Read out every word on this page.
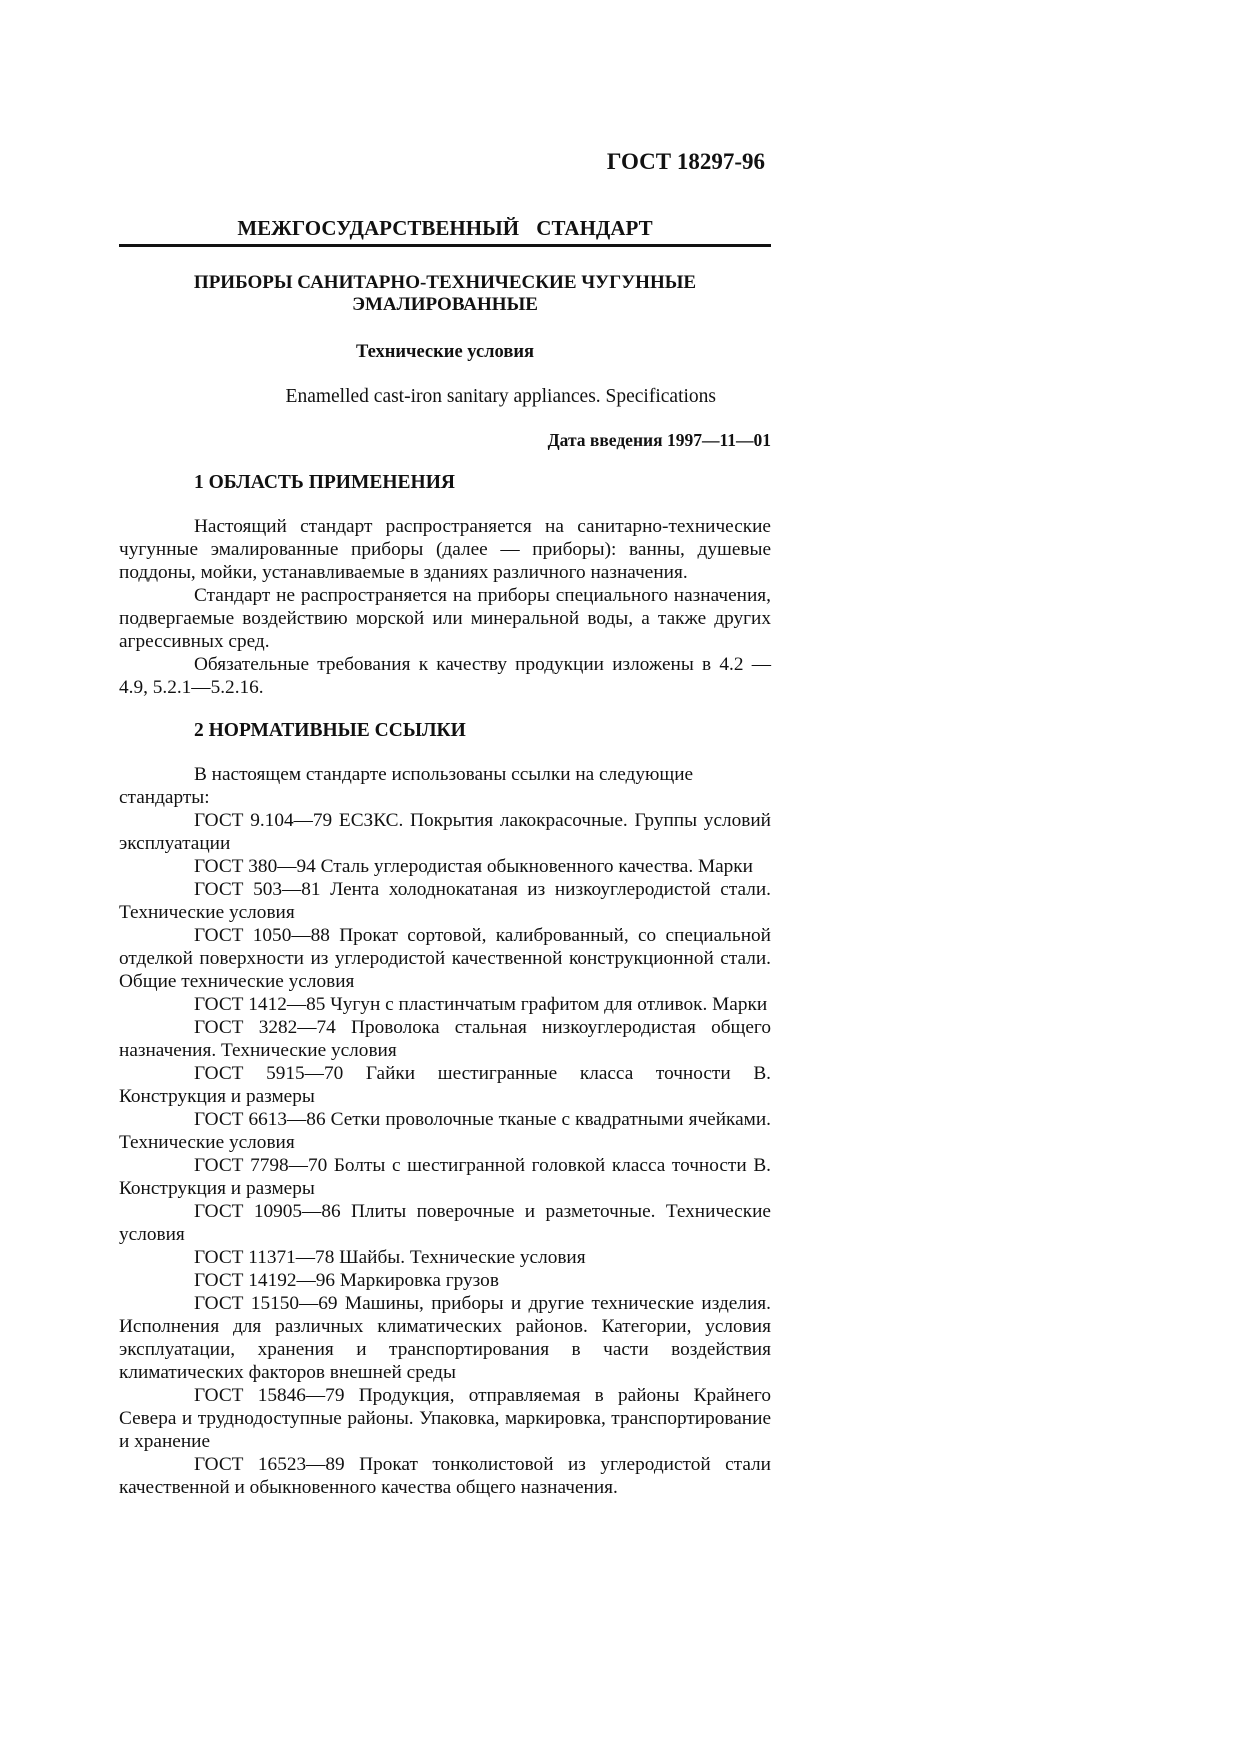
ГОСТ 18297-96
МЕЖГОСУДАРСТВЕННЫЙ СТАНДАРТ
ПРИБОРЫ САНИТАРНО-ТЕХНИЧЕСКИЕ ЧУГУННЫЕ ЭМАЛИРОВАННЫЕ
Технические условия
Enamelled cast-iron sanitary appliances. Specifications
Дата введения 1997—11—01
1 ОБЛАСТЬ ПРИМЕНЕНИЯ

Настоящий стандарт распространяется на санитарно-технические чугунные эмалированные приборы (далее — приборы): ванны, душевые поддоны, мойки, устанавливаемые в зданиях различного назначения.

Стандарт не распространяется на приборы специального назначения, подвергаемые воздействию морской или минеральной воды, а также других агрессивных сред.

Обязательные требования к качеству продукции изложены в 4.2 —4.9, 5.2.1—5.2.16.

2 НОРМАТИВНЫЕ ССЫЛКИ

В настоящем стандарте использованы ссылки на следующие стандарты:

ГОСТ 9.104—79 ЕСЗКС. Покрытия лакокрасочные. Группы условий эксплуатации

ГОСТ 380—94 Сталь углеродистая обыкновенного качества. Марки

ГОСТ 503—81 Лента холоднокатаная из низкоуглеродистой стали. Технические условия

ГОСТ 1050—88 Прокат сортовой, калиброванный, со специальной отделкой поверхности из углеродистой качественной конструкционной стали. Общие технические условия

ГОСТ 1412—85 Чугун с пластинчатым графитом для отливок. Марки

ГОСТ 3282—74 Проволока стальная низкоуглеродистая общего назначения. Технические условия

ГОСТ 5915—70 Гайки шестигранные класса точности В. Конструкция и размеры

ГОСТ 6613—86 Сетки проволочные тканые с квадратными ячейками. Технические условия

ГОСТ 7798—70 Болты с шестигранной головкой класса точности В. Конструкция и размеры

ГОСТ 10905—86 Плиты поверочные и разметочные. Технические условия

ГОСТ 11371—78 Шайбы. Технические условия

ГОСТ 14192—96 Маркировка грузов

ГОСТ 15150—69 Машины, приборы и другие технические изделия. Исполнения для различных климатических районов. Категории, условия эксплуатации, хранения и транспортирования в части воздействия климатических факторов внешней среды

ГОСТ 15846—79 Продукция, отправляемая в районы Крайнего Севера и труднодоступные районы. Упаковка, маркировка, транспортирование и хранение

ГОСТ 16523—89 Прокат тонколистовой из углеродистой стали качественной и обыкновенного качества общего назначения.
